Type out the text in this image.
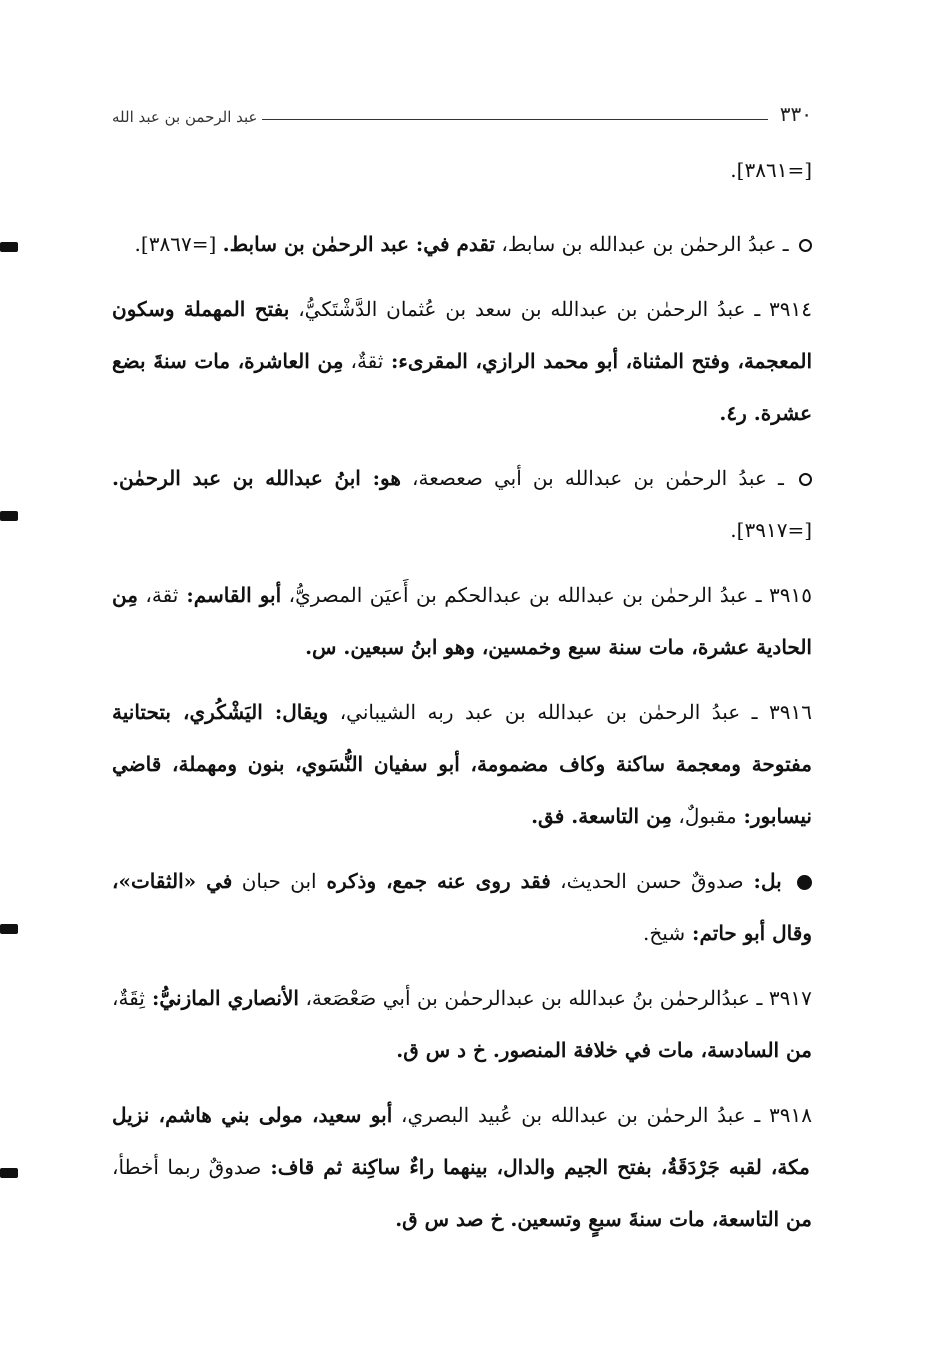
٣٣٠
عبد الرحمن بن عبد الله

[=٣٨٦١].

ـ عبدُ الرحمٰن بن عبدالله بن سابط، تقدم في: عبد الرحمٰن بن سابط. [=٣٨٦٧].

٣٩١٤ ـ عبدُ الرحمٰن بن عبدالله بن سعد بن عُثمان الدَّشْتَكيُّ، بفتح المهملة وسكون المعجمة، وفتح المثناة، أبو محمد الرازي، المقرىء: ثقةٌ، مِن العاشرة، مات سنةَ بضع عشرة. ر٤.

ـ عبدُ الرحمٰن بن عبدالله بن أبي صعصعة، هو: ابنُ عبدالله بن عبد الرحمٰن. [=٣٩١٧].

٣٩١٥ ـ عبدُ الرحمٰن بن عبدالله بن عبدالحكم بن أَعيَن المصريُّ، أبو القاسم: ثقة، مِن الحادية عشرة، مات سنة سبع وخمسين، وهو ابنُ سبعين. س.

٣٩١٦ ـ عبدُ الرحمٰن بن عبدالله بن عبد ربه الشيباني، ويقال: اليَشْكُري، بتحتانية مفتوحة ومعجمة ساكنة وكاف مضمومة، أبو سفيان النُّسَوي، بنون ومهملة، قاضي نيسابور: مقبولٌ، مِن التاسعة. فق.

بل: صدوقٌ حسن الحديث، فقد روى عنه جمع، وذكره ابن حبان في «الثقات»، وقال أبو حاتم: شيخ.

٣٩١٧ ـ عبدُالرحمٰن بنُ عبدالله بن عبدالرحمٰن بن أبي صَعْصَعة، الأنصاري المازنيُّ: ثِقَةٌ، من السادسة، مات في خلافة المنصور. خ د س ق.

٣٩١٨ ـ عبدُ الرحمٰن بن عبدالله بن عُبيد البصري، أبو سعيد، مولى بني هاشم، نزيل مكة، لقبه جَرْدَقَةُ، بفتح الجيم والدال، بينهما راءٌ ساكِنة ثم قاف: صدوقٌ ربما أخطأ، من التاسعة، مات سنةَ سبعٍ وتسعين. خ صد س ق.
